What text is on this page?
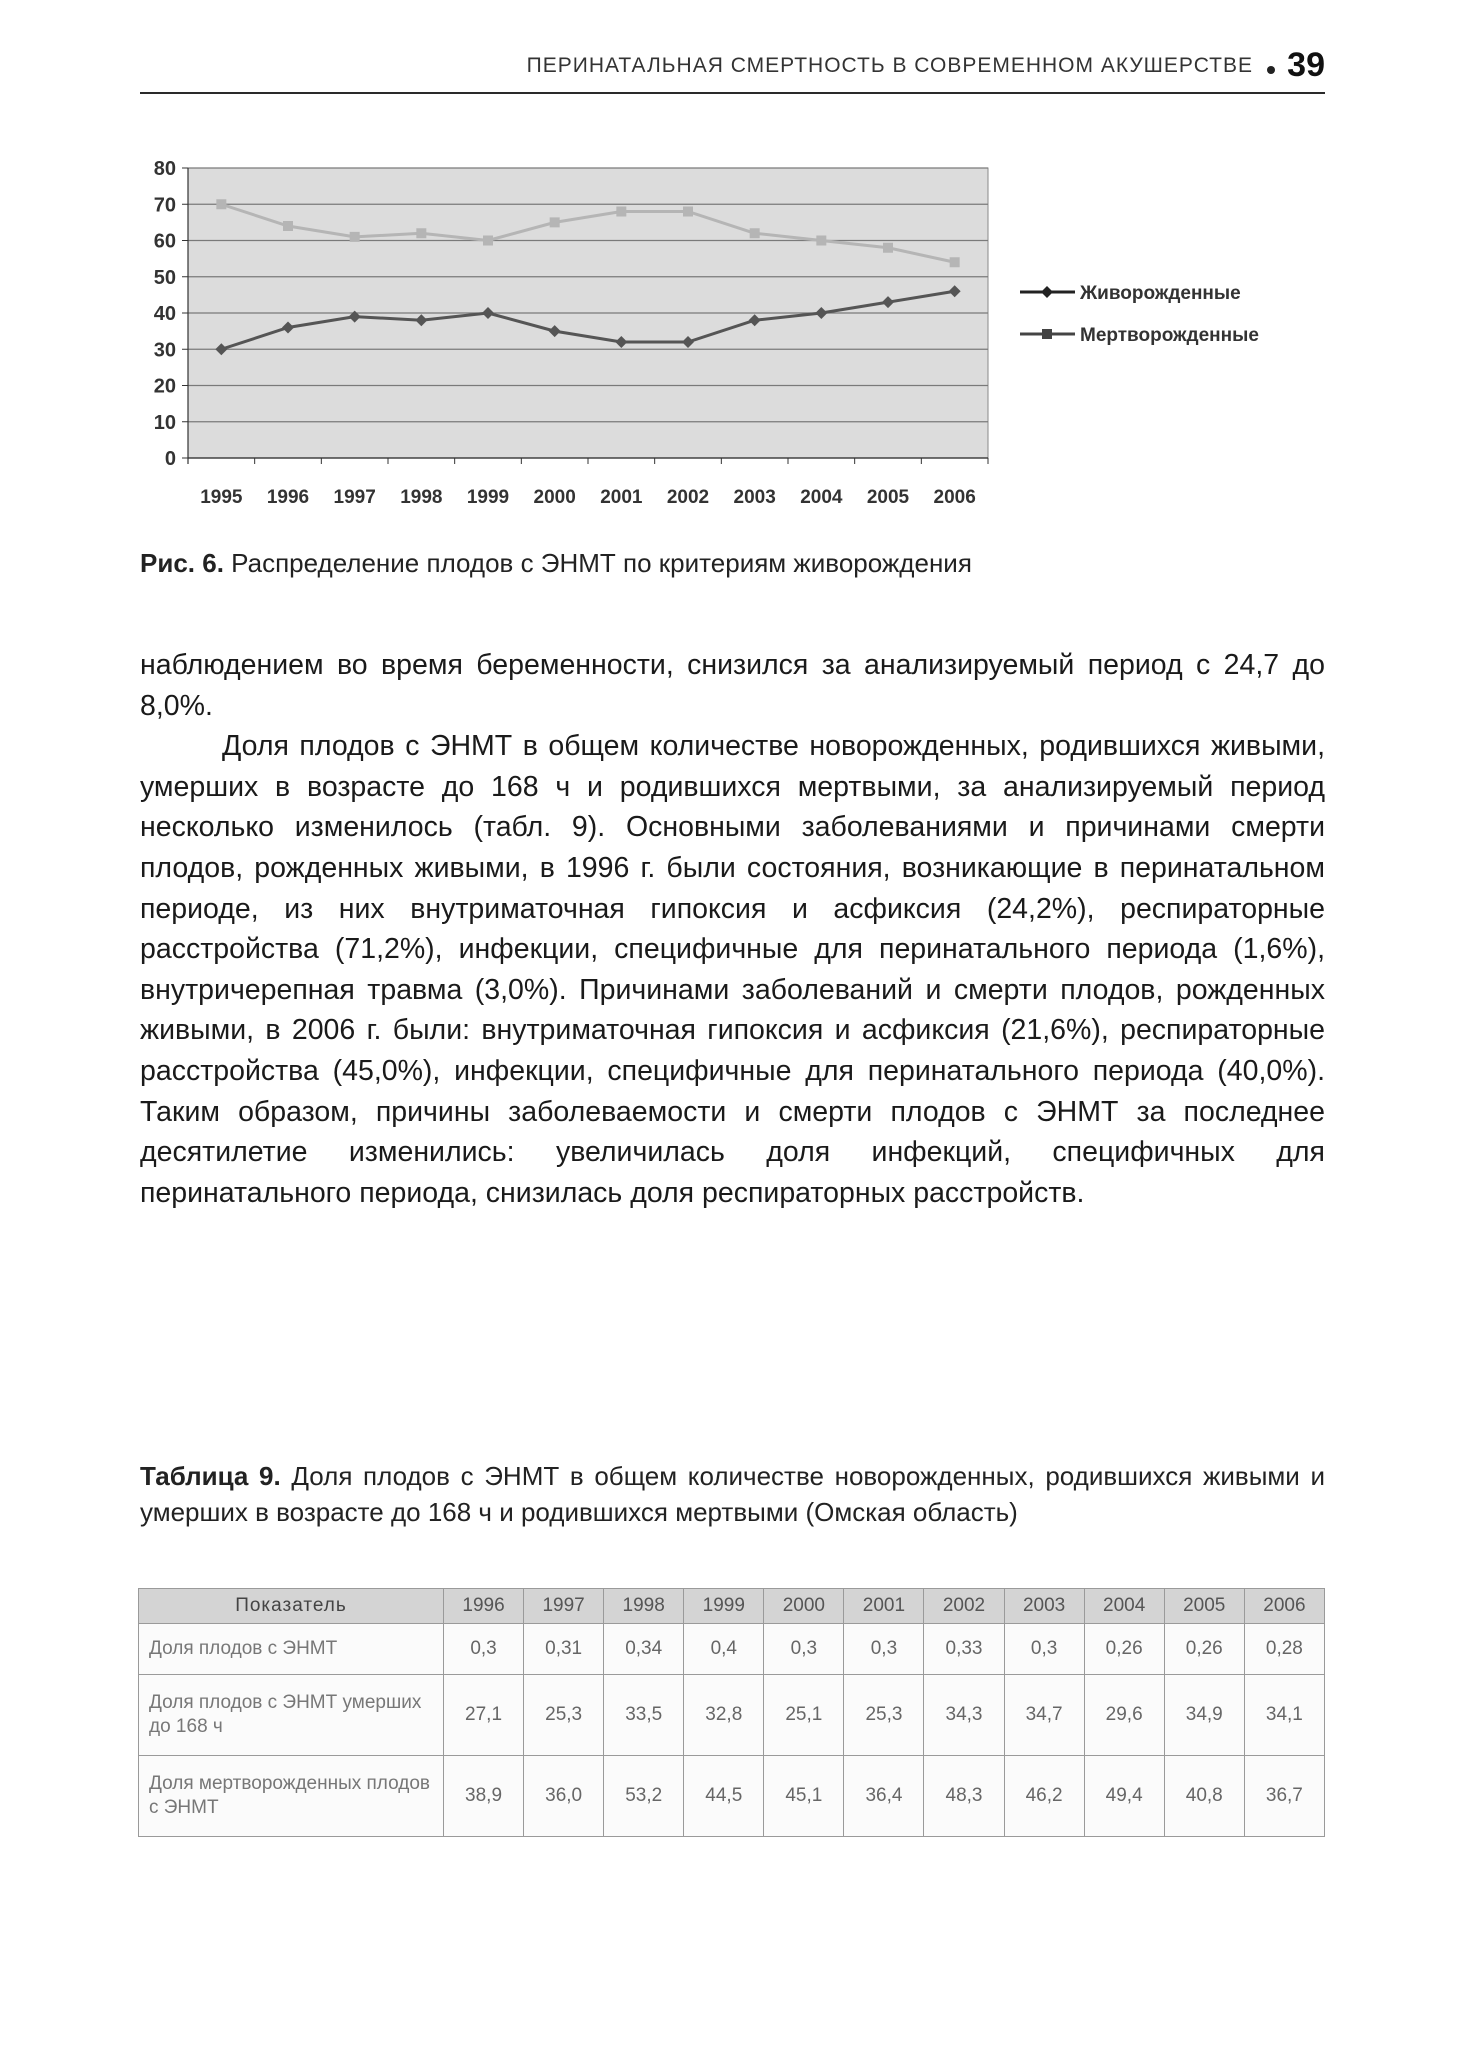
ПЕРИНАТАЛЬНАЯ СМЕРТНОСТЬ В СОВРЕМЕННОМ АКУШЕРСТВЕ 39
0
10
20
30
40
50
60
70
80
1995 1996 1997 1998 1999 2000 2001 2002 2003 2004 2005 2006
Живорожденные
Мертворожденные
Рис. 6. Распределение плодов с ЭНМТ по критериям живорождения

наблюдением во время беременности, снизился за анализируемый период с 24,7 до 8,0%.

Доля плодов с ЭНМТ в общем количестве новорожденных, родившихся живыми, умерших в возрасте до 168 ч и родившихся мертвыми, за анализируемый период несколько изменилось (табл. 9). Основными заболеваниями и причинами смерти плодов, рожденных живыми, в 1996 г. были состояния, возникающие в перинатальном периоде, из них внутриматочная гипоксия и асфиксия (24,2%), респираторные расстройства (71,2%), инфекции, специфичные для перинатального периода (1,6%), внутричерепная травма (3,0%). Причинами заболеваний и смерти плодов, рожденных живыми, в 2006 г. были: внутриматочная гипоксия и асфиксия (21,6%), респираторные расстройства (45,0%), инфекции, специфичные для перинатального периода (40,0%). Таким образом, причины заболеваемости и смерти плодов с ЭНМТ за последнее десятилетие изменились: увеличилась доля инфекций, специфичных для перинатального периода, снизилась доля респираторных расстройств.

Таблица 9. Доля плодов с ЭНМТ в общем количестве новорожденных, родившихся живыми и умерших в возрасте до 168 ч и родившихся мертвыми (Омская область)
Показатель	1996	1997	1998	1999	2000	2001	2002	2003	2004	2005	2006
Доля плодов с ЭНМТ	0,3	0,31	0,34	0,4	0,3	0,3	0,33	0,3	0,26	0,26	0,28
Доля плодов с ЭНМТ умерших до 168 ч	27,1	25,3	33,5	32,8	25,1	25,3	34,3	34,7	29,6	34,9	34,1
Доля мертворожденных плодов с ЭНМТ	38,9	36,0	53,2	44,5	45,1	36,4	48,3	46,2	49,4	40,8	36,7
